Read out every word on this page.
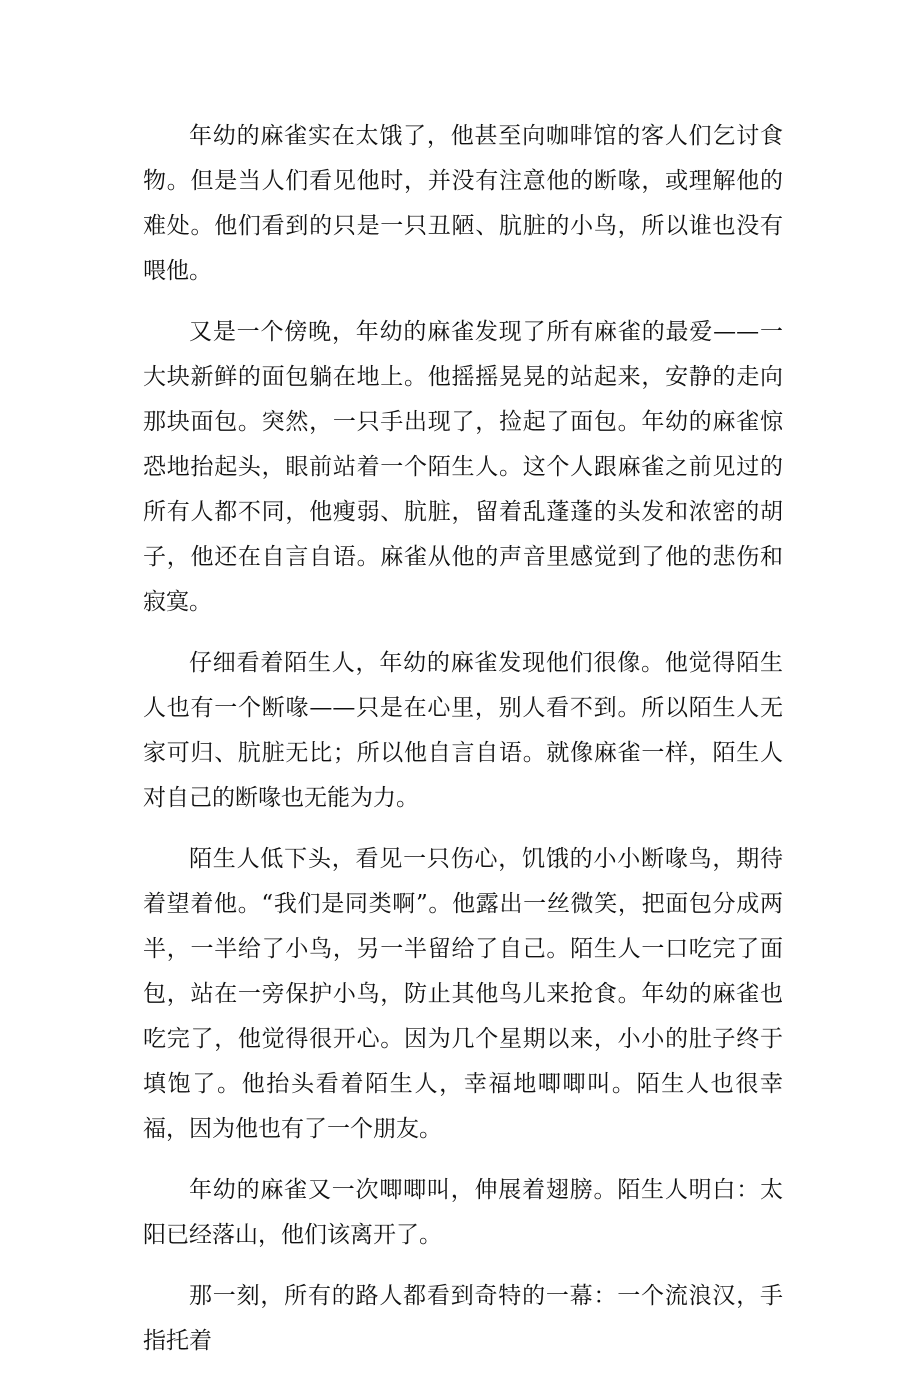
年幼的麻雀实在太饿了，他甚至向咖啡馆的客人们乞讨食物。但是当人们看见他时，并没有注意他的断喙，或理解他的难处。他们看到的只是一只丑陋、肮脏的小鸟，所以谁也没有喂他。

又是一个傍晚，年幼的麻雀发现了所有麻雀的最爱——一大块新鲜的面包躺在地上。他摇摇晃晃的站起来，安静的走向那块面包。突然，一只手出现了，捡起了面包。年幼的麻雀惊恐地抬起头，眼前站着一个陌生人。这个人跟麻雀之前见过的所有人都不同，他瘦弱、肮脏，留着乱蓬蓬的头发和浓密的胡子，他还在自言自语。麻雀从他的声音里感觉到了他的悲伤和寂寞。

仔细看着陌生人，年幼的麻雀发现他们很像。他觉得陌生人也有一个断喙——只是在心里，别人看不到。所以陌生人无家可归、肮脏无比；所以他自言自语。就像麻雀一样，陌生人对自己的断喙也无能为力。

陌生人低下头，看见一只伤心，饥饿的小小断喙鸟，期待着望着他。“我们是同类啊”。他露出一丝微笑，把面包分成两半，一半给了小鸟，另一半留给了自己。陌生人一口吃完了面包，站在一旁保护小鸟，防止其他鸟儿来抢食。年幼的麻雀也吃完了，他觉得很开心。因为几个星期以来，小小的肚子终于填饱了。他抬头看着陌生人，幸福地唧唧叫。陌生人也很幸福，因为他也有了一个朋友。

年幼的麻雀又一次唧唧叫，伸展着翅膀。陌生人明白：太阳已经落山，他们该离开了。

那一刻，所有的路人都看到奇特的一幕：一个流浪汉，手指托着
